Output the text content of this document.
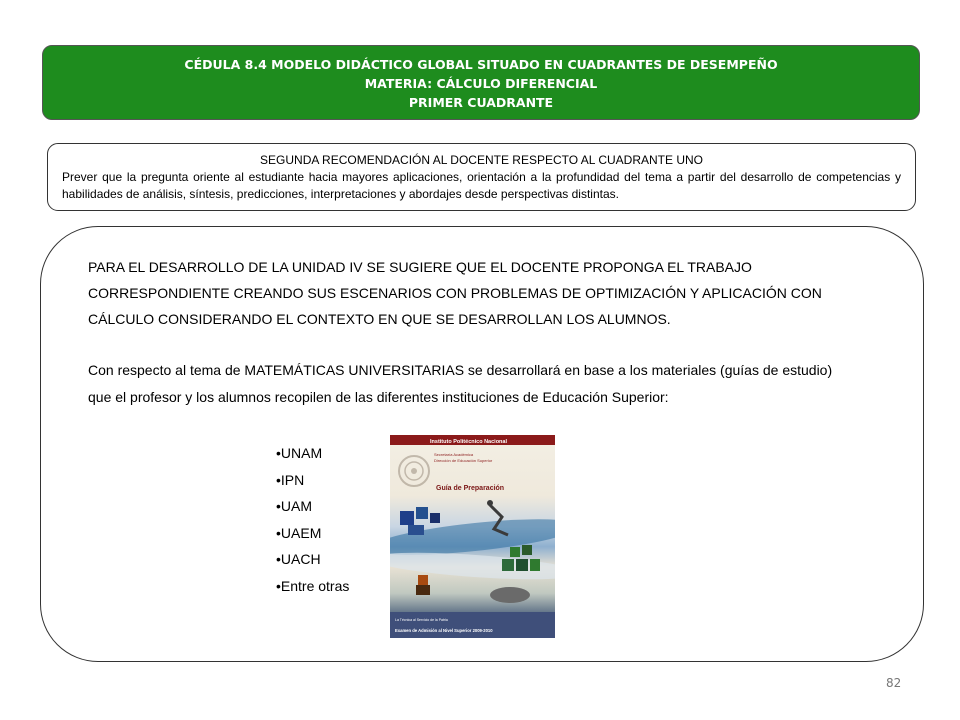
CÉDULA 8.4 MODELO DIDÁCTICO GLOBAL SITUADO EN CUADRANTES DE DESEMPEÑO
MATERIA: CÁLCULO DIFERENCIAL
PRIMER CUADRANTE
SEGUNDA RECOMENDACIÓN AL DOCENTE RESPECTO AL CUADRANTE UNO
Prever que la pregunta oriente al estudiante hacia mayores aplicaciones, orientación a la profundidad del tema a partir del desarrollo de competencias y habilidades de análisis, síntesis, predicciones, interpretaciones y abordajes desde perspectivas distintas.
PARA EL DESARROLLO DE LA UNIDAD IV SE SUGIERE QUE EL DOCENTE PROPONGA EL TRABAJO
CORRESPONDIENTE CREANDO SUS ESCENARIOS CON PROBLEMAS DE OPTIMIZACIÓN Y APLICACIÓN CON
CÁLCULO CONSIDERANDO EL CONTEXTO EN QUE SE DESARROLLAN LOS ALUMNOS.
Con respecto al tema de MATEMÁTICAS UNIVERSITARIAS se desarrollará en base a los materiales (guías de estudio)
que el profesor y los alumnos recopilen de las diferentes instituciones de Educación Superior:
• UNAM
• IPN
• UAM
• UAEM
• UACH
• Entre otras
Instituto Politécnico Nacional
Secretaría Académica
Dirección de Educación Superior
Guía de Preparación
La Técnica al Servicio de la Patria
Examen de Admisión al Nivel Superior 2009-2010
82
